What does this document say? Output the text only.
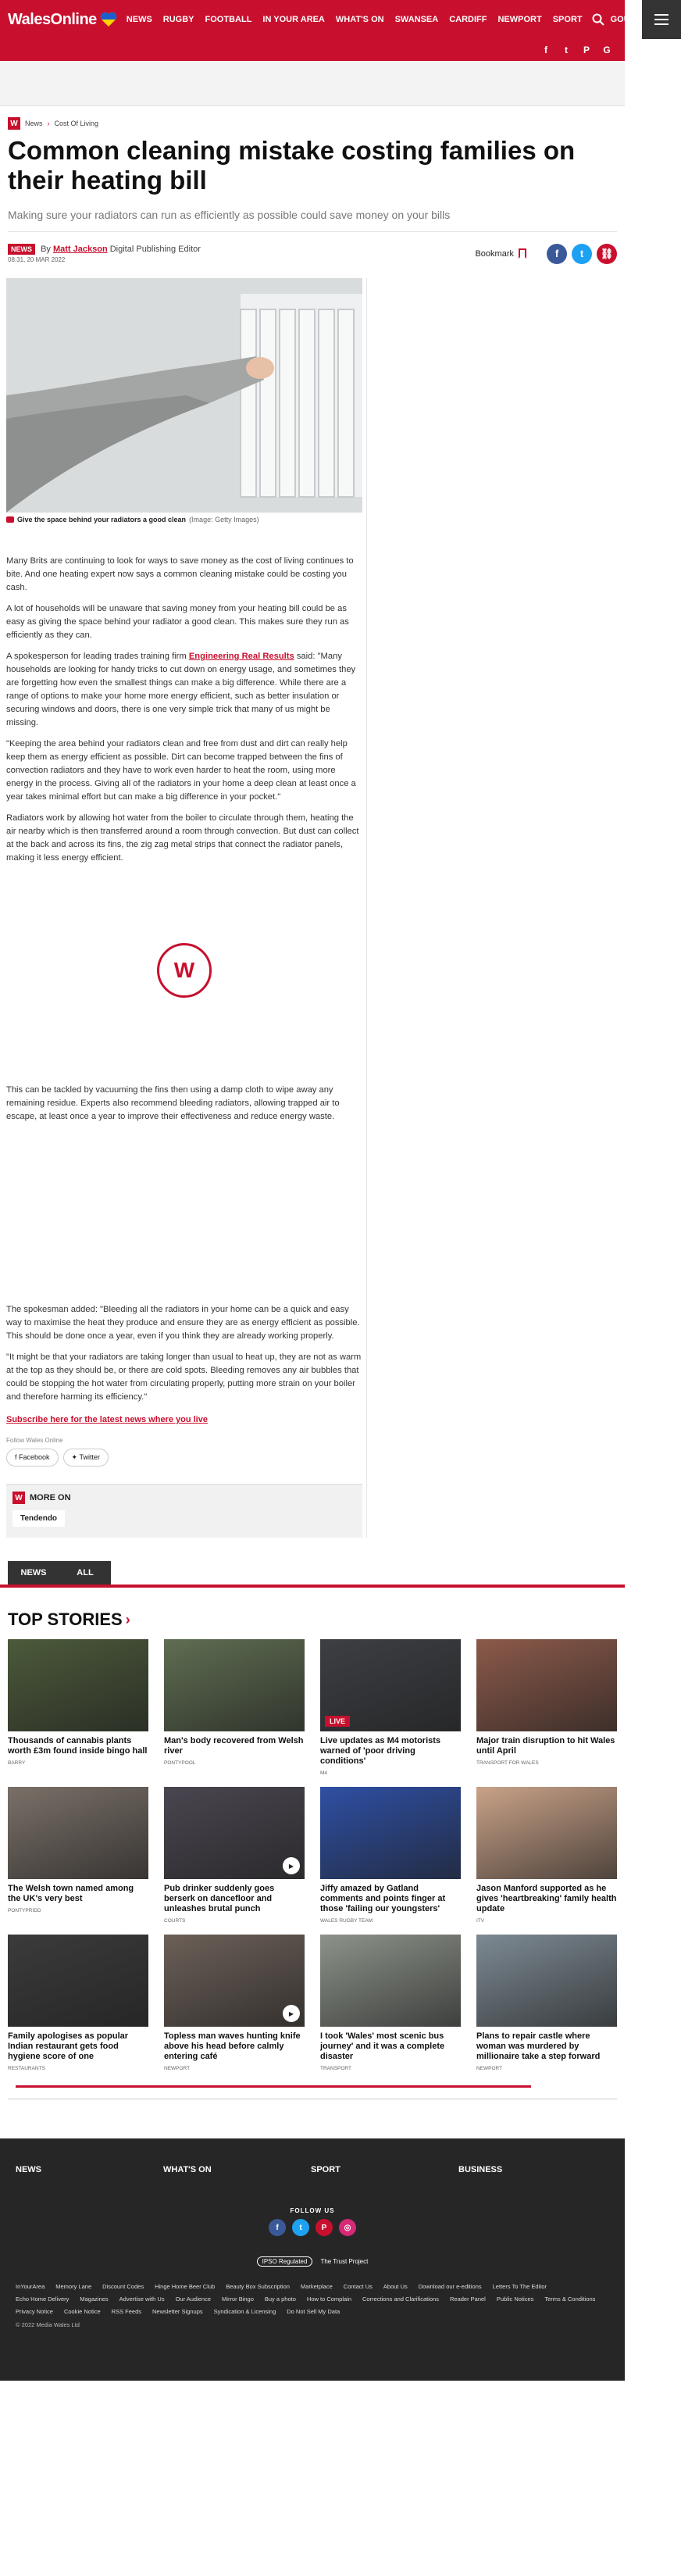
WalesOnline	NEWS RUGBY FOOTBALL IN YOUR AREA WHAT'S ON SWANSEA CARDIFF NEWPORT SPORT	GOUP
f	t	P G
W	News › Cost Of Living
Common cleaning mistake costing families on their heating bill

Making sure your radiators can run as efficiently as possible could save money on your bills

NEWS By Matt Jackson Digital Publishing Editor
08:31, 20 MAR 2022
Bookmark	f	t	⛓
Give the space behind your radiators a good clean (Image: Getty Images)

Many Brits are continuing to look for ways to save money as the cost of living continues to bite. And one heating expert now says a common cleaning mistake could be costing you cash.

A lot of households will be unaware that saving money from your heating bill could be as easy as giving the space behind your radiator a good clean. This makes sure they run as efficiently as they can.

A spokesperson for leading trades training firm Engineering Real Results said: "Many households are looking for handy tricks to cut down on energy usage, and sometimes they are forgetting how even the smallest things can make a big difference. While there are a range of options to make your home more energy efficient, such as better insulation or securing windows and doors, there is one very simple trick that many of us might be missing.

"Keeping the area behind your radiators clean and free from dust and dirt can really help keep them as energy efficient as possible. Dirt can become trapped between the fins of convection radiators and they have to work even harder to heat the room, using more energy in the process. Giving all of the radiators in your home a deep clean at least once a year takes minimal effort but can make a big difference in your pocket."

Radiators work by allowing hot water from the boiler to circulate through them, heating the air nearby which is then transferred around a room through convection. But dust can collect at the back and across its fins, the zig zag metal strips that connect the radiator panels, making it less energy efficient.

W

This can be tackled by vacuuming the fins then using a damp cloth to wipe away any remaining residue. Experts also recommend bleeding radiators, allowing trapped air to escape, at least once a year to improve their effectiveness and reduce energy waste.

The spokesman added: "Bleeding all the radiators in your home can be a quick and easy way to maximise the heat they produce and ensure they are as energy efficient as possible. This should be done once a year, even if you think they are already working properly.

"It might be that your radiators are taking longer than usual to heat up, they are not as warm at the top as they should be, or there are cold spots. Bleeding removes any air bubbles that could be stopping the hot water from circulating properly, putting more strain on your boiler and therefore harming its efficiency."

Subscribe here for the latest news where you live
Follow Wales Online
f Facebook	✦ Twitter
W MORE ON
Tendendo
NEWS	ALL
TOP STORIES ›
Thousands of cannabis plants worth £3m found inside bingo hall
BARRY
Man's body recovered from Welsh river
PONTYPOOL
LIVE
Live updates as M4 motorists warned of 'poor driving conditions'
M4
Major train disruption to hit Wales until April
TRANSPORT FOR WALES
The Welsh town named among the UK's very best
PONTYPRIDD
▶
Pub drinker suddenly goes berserk on dancefloor and unleashes brutal punch
COURTS
Jiffy amazed by Gatland comments and points finger at those 'failing our youngsters'
WALES RUGBY TEAM
Jason Manford supported as he gives 'heartbreaking' family health update
ITV
Family apologises as popular Indian restaurant gets food hygiene score of one
RESTAURANTS
▶
Topless man waves hunting knife above his head before calmly entering café
NEWPORT
I took 'Wales' most scenic bus journey' and it was a complete disaster
TRANSPORT
Plans to repair castle where woman was murdered by millionaire take a step forward
NEWPORT
NEWS	WHAT'S ON	SPORT	BUSINESS
FOLLOW US
f	t	P	◎
IPSO Regulated	The Trust Project
InYourArea Memory Lane Discount Codes Hinge Home Beer Club Beauty Box Subscription Marketplace Contact Us About Us Download our e-editions Letters To The Editor
Echo Home Delivery Magazines Advertise with Us Our Audience Mirror Bingo Buy a photo How to Complain Corrections and Clarifications Reader Panel Public Notices Terms & Conditions
Privacy Notice Cookie Notice RSS Feeds Newsletter Signups Syndication & Licensing Do Not Sell My Data
© 2022 Media Wales Ltd
